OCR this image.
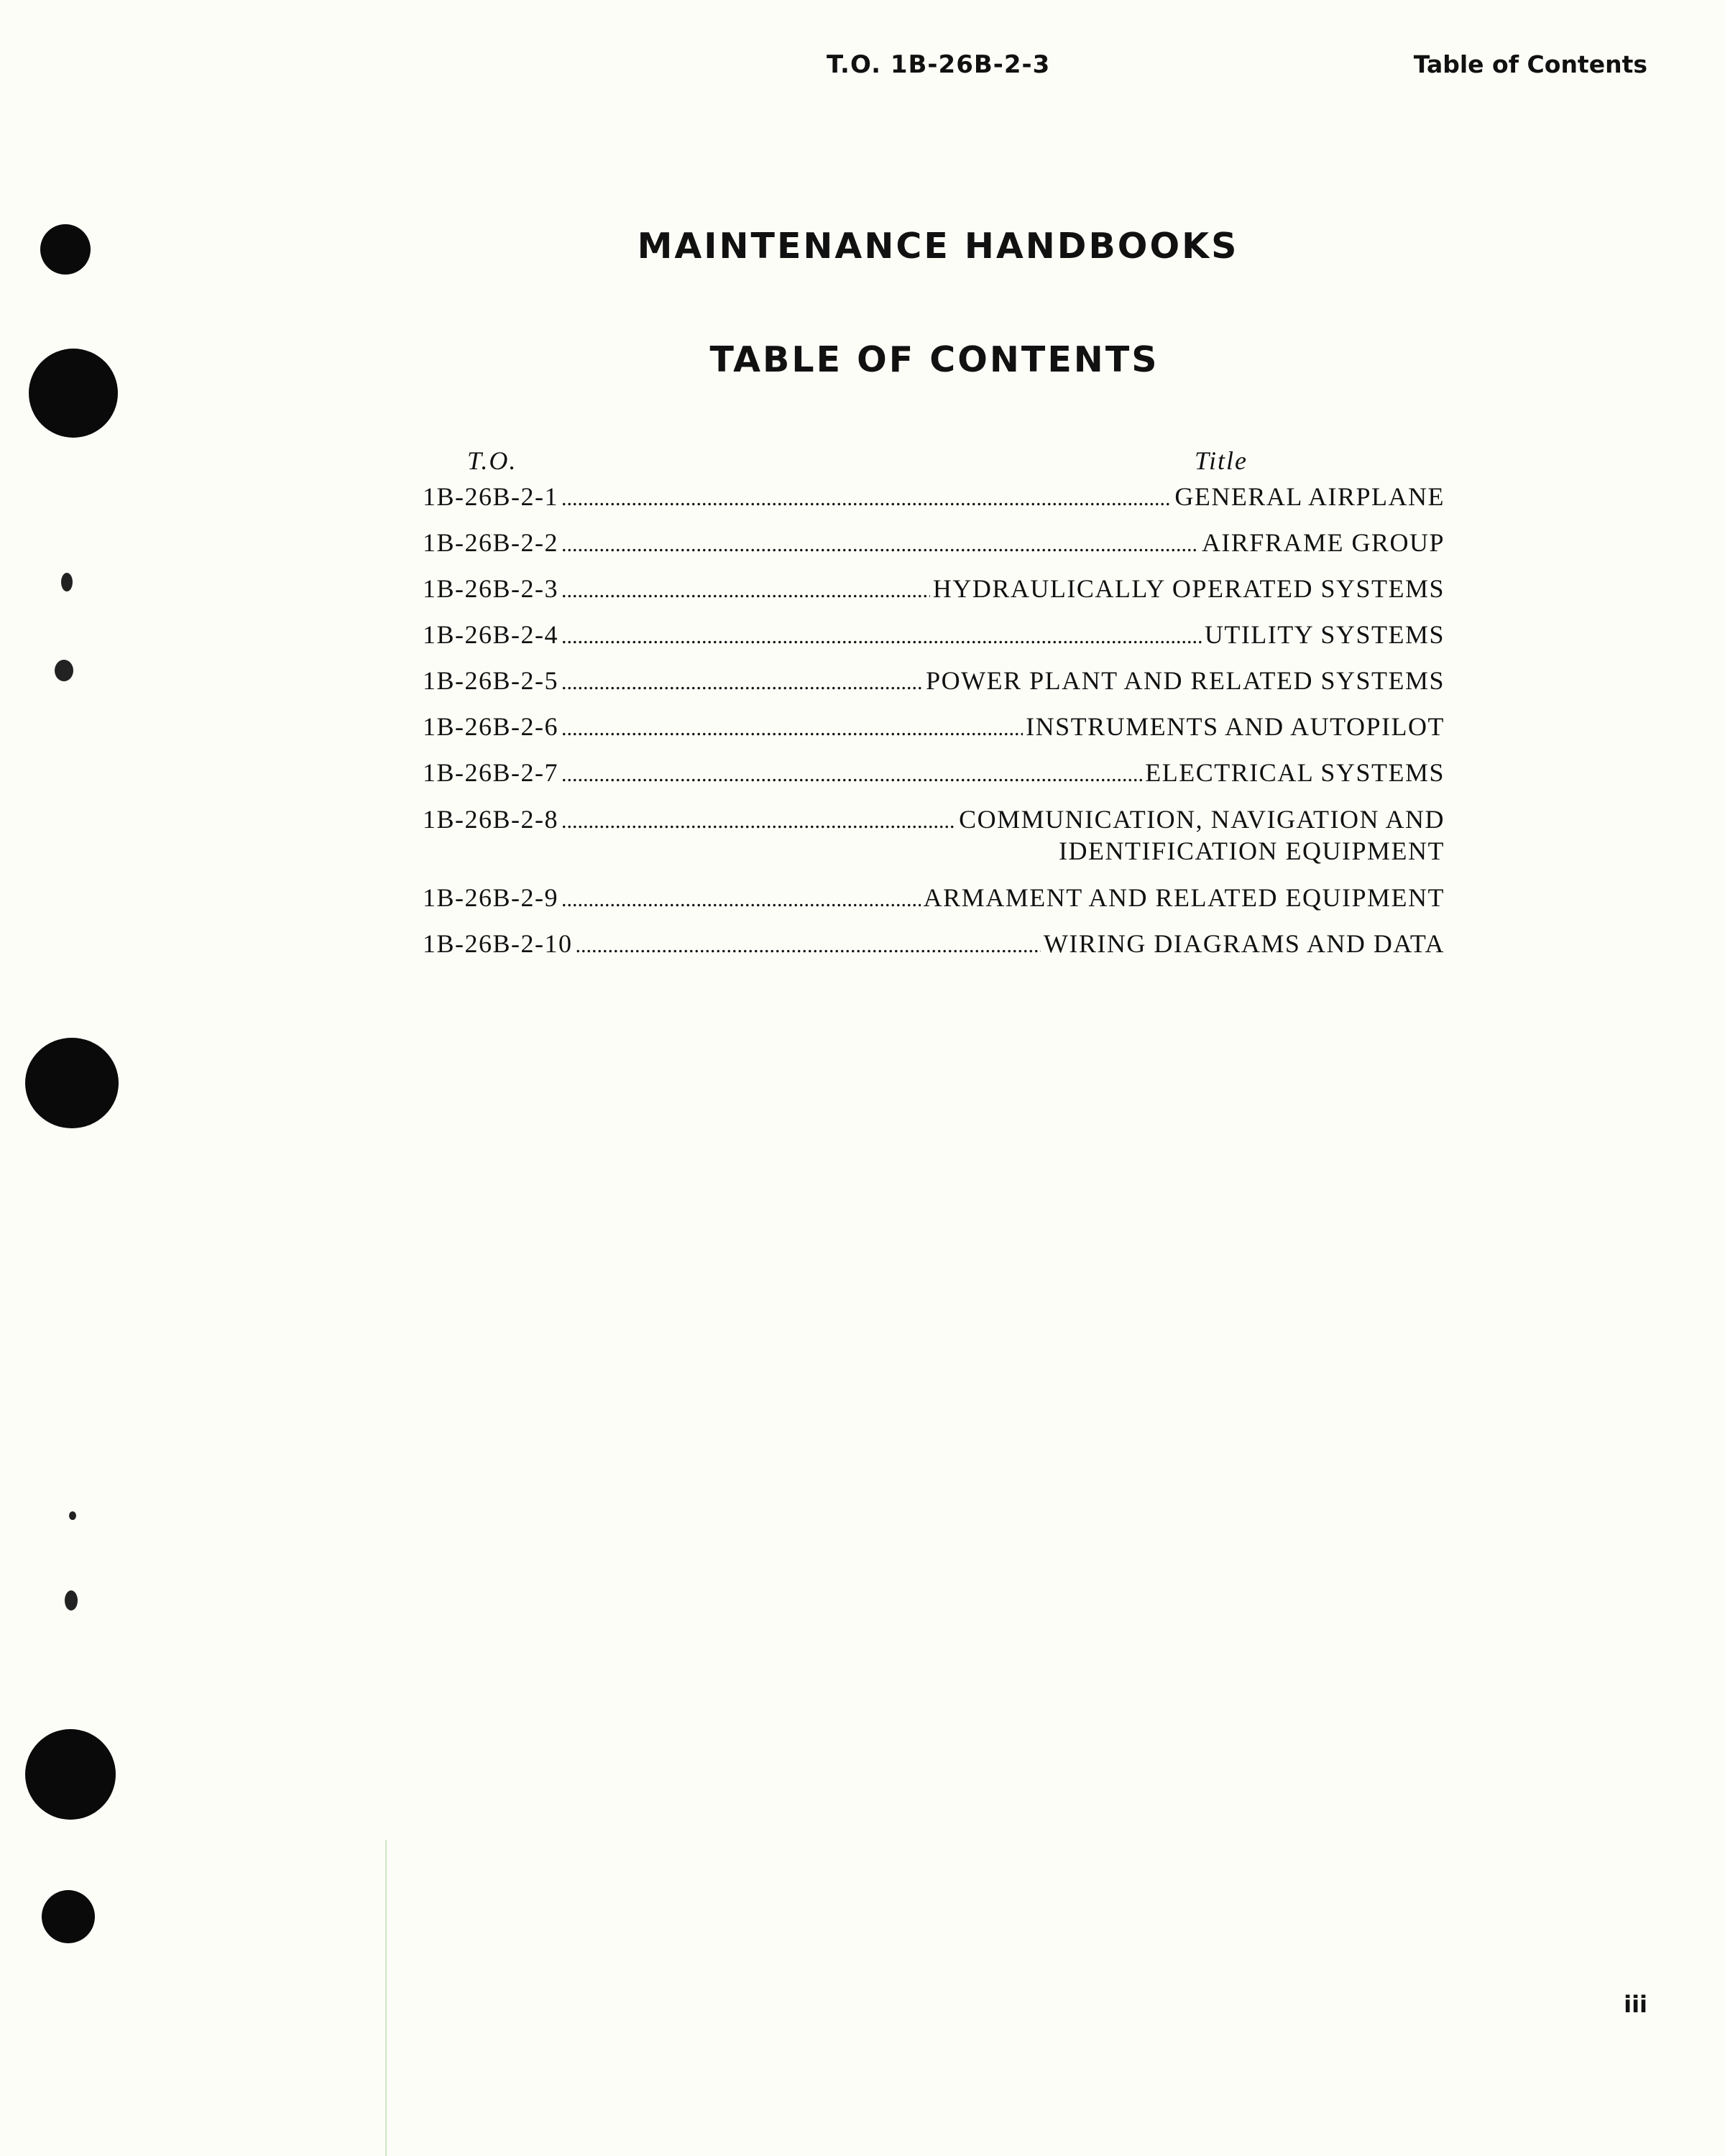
T.O. 1B-26B-2-3	Table of Contents
MAINTENANCE HANDBOOKS
TABLE OF CONTENTS
T.O.	Title
1B-26B-2-1 .....	GENERAL AIRPLANE
1B-26B-2-2 .....	AIRFRAME GROUP
1B-26B-2-3 .....	HYDRAULICALLY OPERATED SYSTEMS
1B-26B-2-4 .....	UTILITY SYSTEMS
1B-26B-2-5 .....	POWER PLANT AND RELATED SYSTEMS
1B-26B-2-6 .....	INSTRUMENTS AND AUTOPILOT
1B-26B-2-7 .....	ELECTRICAL SYSTEMS
1B-26B-2-8 .....	COMMUNICATION, NAVIGATION AND
IDENTIFICATION EQUIPMENT
1B-26B-2-9 .....	ARMAMENT AND RELATED EQUIPMENT
1B-26B-2-10 .....	WIRING DIAGRAMS AND DATA
iii
